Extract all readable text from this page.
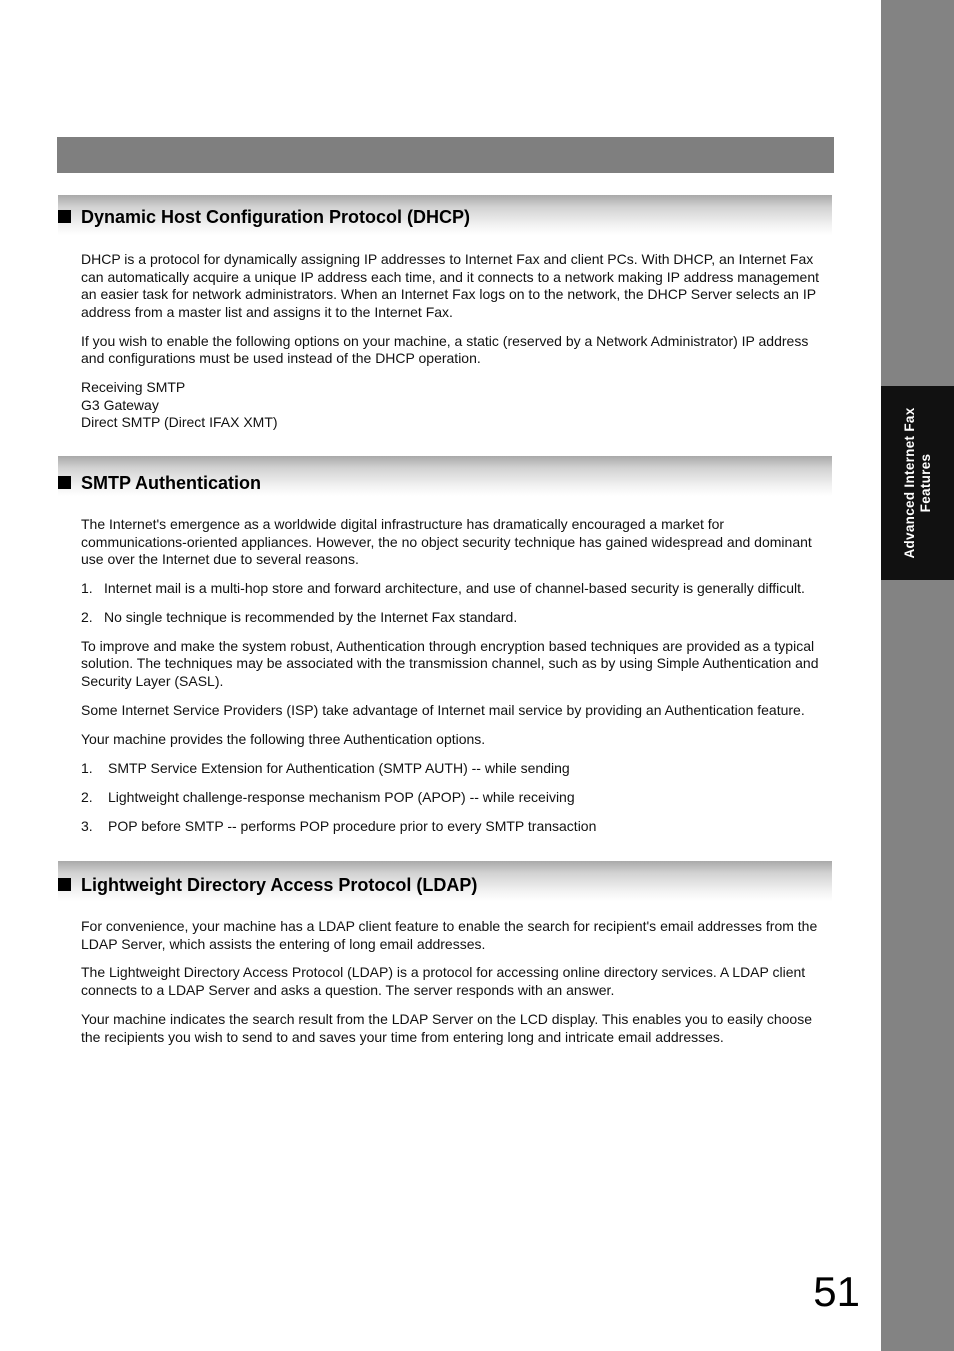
Advanced Internet Fax Features
Dynamic Host Configuration Protocol (DHCP)

DHCP is a protocol for dynamically assigning IP addresses to Internet Fax and client PCs. With DHCP, an Internet Fax can automatically acquire a unique IP address each time, and it connects to a network making IP address management an easier task for network administrators. When an Internet Fax logs on to the network, the DHCP Server selects an IP address from a master list and assigns it to the Internet Fax.

If you wish to enable the following options on your machine, a static (reserved by a Network Administrator) IP address and configurations must be used instead of the DHCP operation.

Receiving SMTP

G3 Gateway

Direct SMTP (Direct IFAX XMT)

SMTP Authentication

The Internet's emergence as a worldwide digital infrastructure has dramatically encouraged a market for communications-oriented appliances. However, the no object security technique has gained widespread and dominant use over the Internet due to several reasons.

1. Internet mail is a multi-hop store and forward architecture, and use of channel-based security is generally difficult.
2. No single technique is recommended by the Internet Fax standard.

To improve and make the system robust, Authentication through encryption based techniques are provided as a typical solution. The techniques may be associated with the transmission channel, such as by using Simple Authentication and Security Layer (SASL).

Some Internet Service Providers (ISP) take advantage of Internet mail service by providing an Authentication feature.

Your machine provides the following three Authentication options.

1.	SMTP Service Extension for Authentication (SMTP AUTH) -- while sending
2.	Lightweight challenge-response mechanism POP (APOP) -- while receiving
3.	POP before SMTP -- performs POP procedure prior to every SMTP transaction
Lightweight Directory Access Protocol (LDAP)

For convenience, your machine has a LDAP client feature to enable the search for recipient's email addresses from the LDAP Server, which assists the entering of long email addresses.

The Lightweight Directory Access Protocol (LDAP) is a protocol for accessing online directory services. A LDAP client connects to a LDAP Server and asks a question. The server responds with an answer.

Your machine indicates the search result from the LDAP Server on the LCD display. This enables you to easily choose the recipients you wish to send to and saves your time from entering long and intricate email addresses.

51
